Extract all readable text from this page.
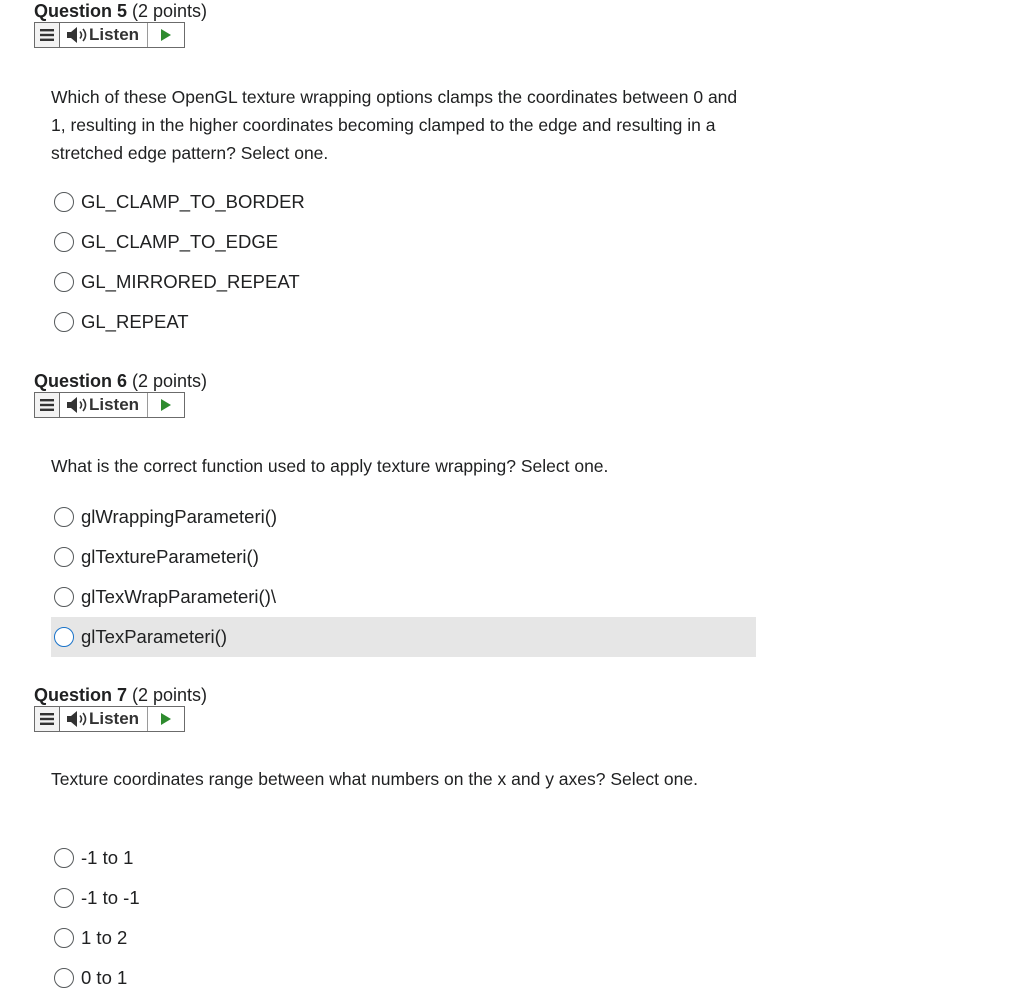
Question 5 (2 points)
Listen

Which of these OpenGL texture wrapping options clamps the coordinates between 0 and 1, resulting in the higher coordinates becoming clamped to the edge and resulting in a stretched edge pattern? Select one.

GL_CLAMP_TO_BORDER
GL_CLAMP_TO_EDGE
GL_MIRRORED_REPEAT
GL_REPEAT
Question 6 (2 points)
Listen

What is the correct function used to apply texture wrapping? Select one.

glWrappingParameteri()
glTextureParameteri()
glTexWrapParameteri()\
glTexParameteri()
Question 7 (2 points)
Listen

Texture coordinates range between what numbers on the x and y axes? Select one.

-1 to 1
-1 to -1
1 to 2
0 to 1
